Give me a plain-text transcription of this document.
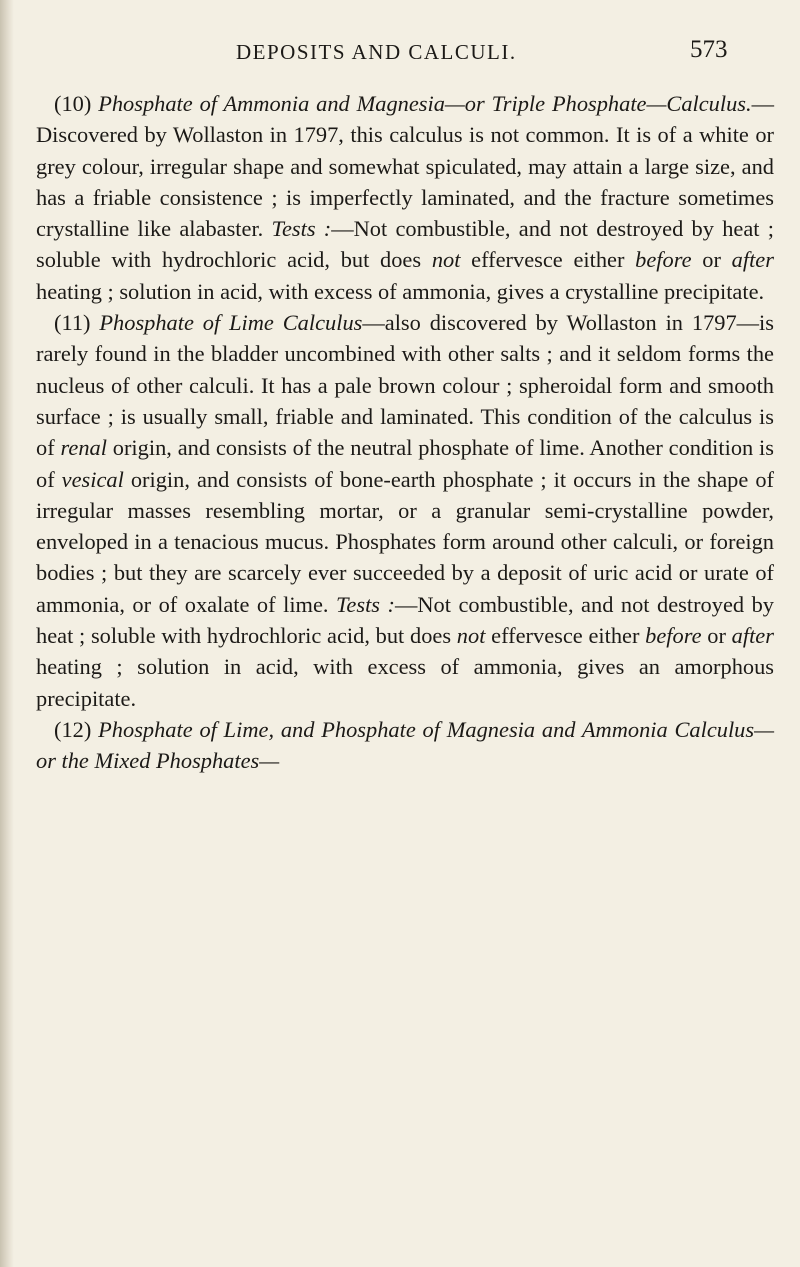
DEPOSITS AND CALCULI.	573

(10) Phosphate of Ammonia and Magnesia—or Triple Phosphate—Calculus.—Discovered by Wollaston in 1797, this calculus is not common. It is of a white or grey colour, irregular shape and somewhat spiculated, may attain a large size, and has a friable consistence ; is imperfectly laminated, and the fracture sometimes crystalline like alabaster. Tests :—Not combustible, and not destroyed by heat ; soluble with hydrochloric acid, but does not effervesce either before or after heating ; solution in acid, with excess of ammonia, gives a crystalline precipitate.

(11) Phosphate of Lime Calculus—also discovered by Wollaston in 1797—is rarely found in the bladder uncombined with other salts ; and it seldom forms the nucleus of other calculi. It has a pale brown colour ; spheroidal form and smooth surface ; is usually small, friable and laminated. This condition of the calculus is of renal origin, and consists of the neutral phosphate of lime. Another condition is of vesical origin, and consists of bone-earth phosphate ; it occurs in the shape of irregular masses resembling mortar, or a granular semi-crystalline powder, enveloped in a tenacious mucus. Phosphates form around other calculi, or foreign bodies ; but they are scarcely ever succeeded by a deposit of uric acid or urate of ammonia, or of oxalate of lime. Tests :—Not combustible, and not destroyed by heat ; soluble with hydrochloric acid, but does not effervesce either before or after heating ; solution in acid, with excess of ammonia, gives an amorphous precipitate.

(12) Phosphate of Lime, and Phosphate of Magnesia and Ammonia Calculus—or the Mixed Phosphates—
